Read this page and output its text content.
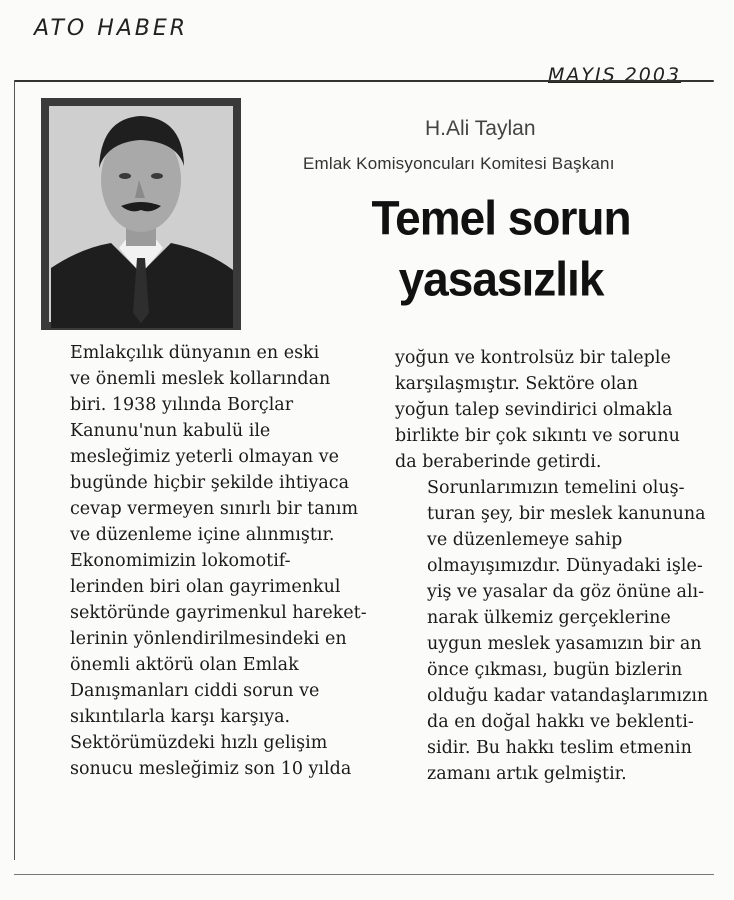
ATO HABER
MAYIS 2003
H.Ali Taylan
Emlak Komisyoncuları Komitesi Başkanı
Temel sorun
yasasızlık

Emlakçılık dünyanın en eski
ve önemli meslek kollarından
biri. 1938 yılında Borçlar
Kanunu'nun kabulü ile
mesleğimiz yeterli olmayan ve
bugünde hiçbir şekilde ihtiyaca
cevap vermeyen sınırlı bir tanım
ve düzenleme içine alınmıştır.

Ekonomimizin lokomotif-
lerinden biri olan gayrimenkul
sektöründe gayrimenkul hareket-
lerinin yönlendirilmesindeki en
önemli aktörü olan Emlak
Danışmanları ciddi sorun ve
sıkıntılarla karşı karşıya.
Sektörümüzdeki hızlı gelişim
sonucu mesleğimiz son 10 yılda

yoğun ve kontrolsüz bir taleple
karşılaşmıştır. Sektöre olan
yoğun talep sevindirici olmakla
birlikte bir çok sıkıntı ve sorunu
da beraberinde getirdi.

Sorunlarımızın temelini oluş-
turan şey, bir meslek kanununa
ve düzenlemeye sahip
olmayışımızdır. Dünyadaki işle-
yiş ve yasalar da göz önüne alı-
narak ülkemiz gerçeklerine
uygun meslek yasamızın bir an
önce çıkması, bugün bizlerin
olduğu kadar vatandaşlarımızın
da en doğal hakkı ve beklenti-
sidir. Bu hakkı teslim etmenin
zamanı artık gelmiştir.
